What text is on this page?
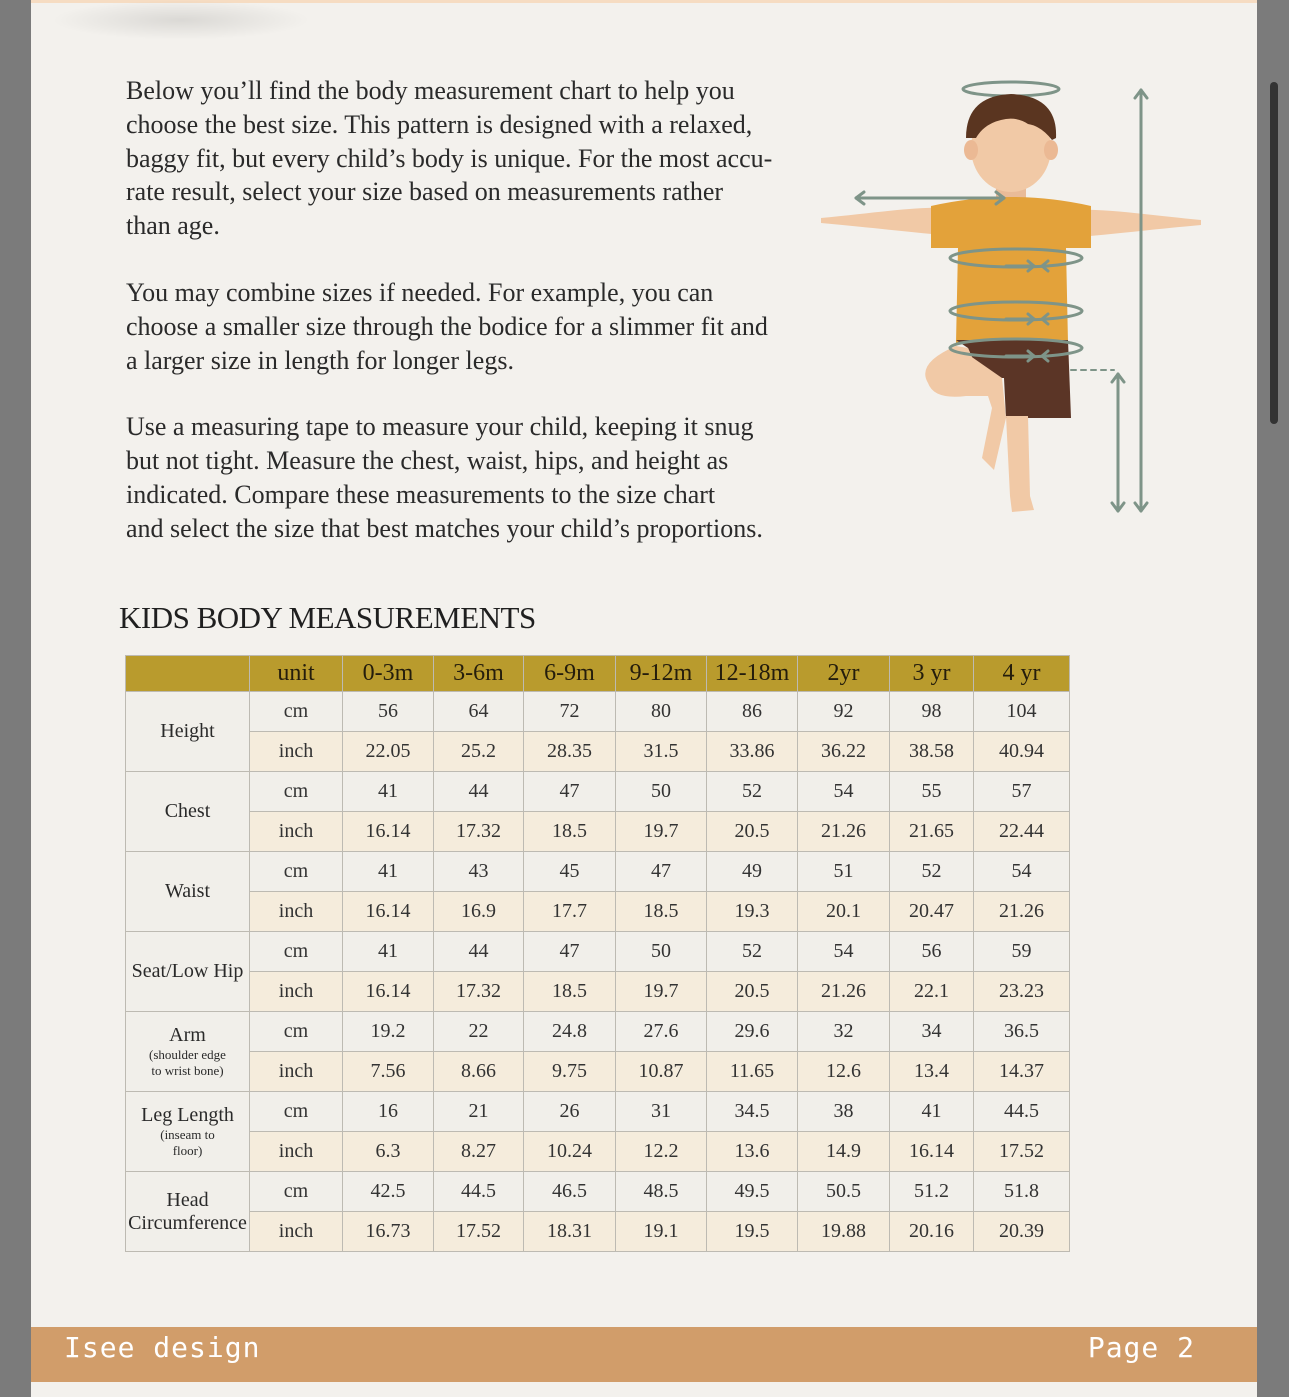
Below you’ll find the body measurement chart to help you
choose the best size. This pattern is designed with a relaxed,
baggy fit, but every child’s body is unique. For the most accu-
rate result, select your size based on measurements rather
than age.

You may combine sizes if needed. For example, you can
choose a smaller size through the bodice for a slimmer fit and
a larger size in length for longer legs.

Use a measuring tape to measure your child, keeping it snug
but not tight. Measure the chest, waist, hips, and height as
indicated. Compare these measurements to the size chart
and select the size that best matches your child’s proportions.

KIDS BODY MEASUREMENTS
	unit	0-3m	3-6m	6-9m	9-12m	12-18m	2yr	3 yr	4 yr
Height	cm	56	64	72	80	86	92	98	104
	inch	22.05	25.2	28.35	31.5	33.86	36.22	38.58	40.94
Chest	cm	41	44	47	50	52	54	55	57
	inch	16.14	17.32	18.5	19.7	20.5	21.26	21.65	22.44
Waist	cm	41	43	45	47	49	51	52	54
	inch	16.14	16.9	17.7	18.5	19.3	20.1	20.47	21.26
Seat/Low Hip	cm	41	44	47	50	52	54	56	59
	inch	16.14	17.32	18.5	19.7	20.5	21.26	22.1	23.23
Arm
(shoulder edge
to wrist bone)	cm	19.2	22	24.8	27.6	29.6	32	34	36.5
	inch	7.56	8.66	9.75	10.87	11.65	12.6	13.4	14.37
Leg Length
(inseam to
floor)	cm	16	21	26	31	34.5	38	41	44.5
	inch	6.3	8.27	10.24	12.2	13.6	14.9	16.14	17.52
Head
Circumference	cm	42.5	44.5	46.5	48.5	49.5	50.5	51.2	51.8
	inch	16.73	17.52	18.31	19.1	19.5	19.88	20.16	20.39
Isee design	Page 2
